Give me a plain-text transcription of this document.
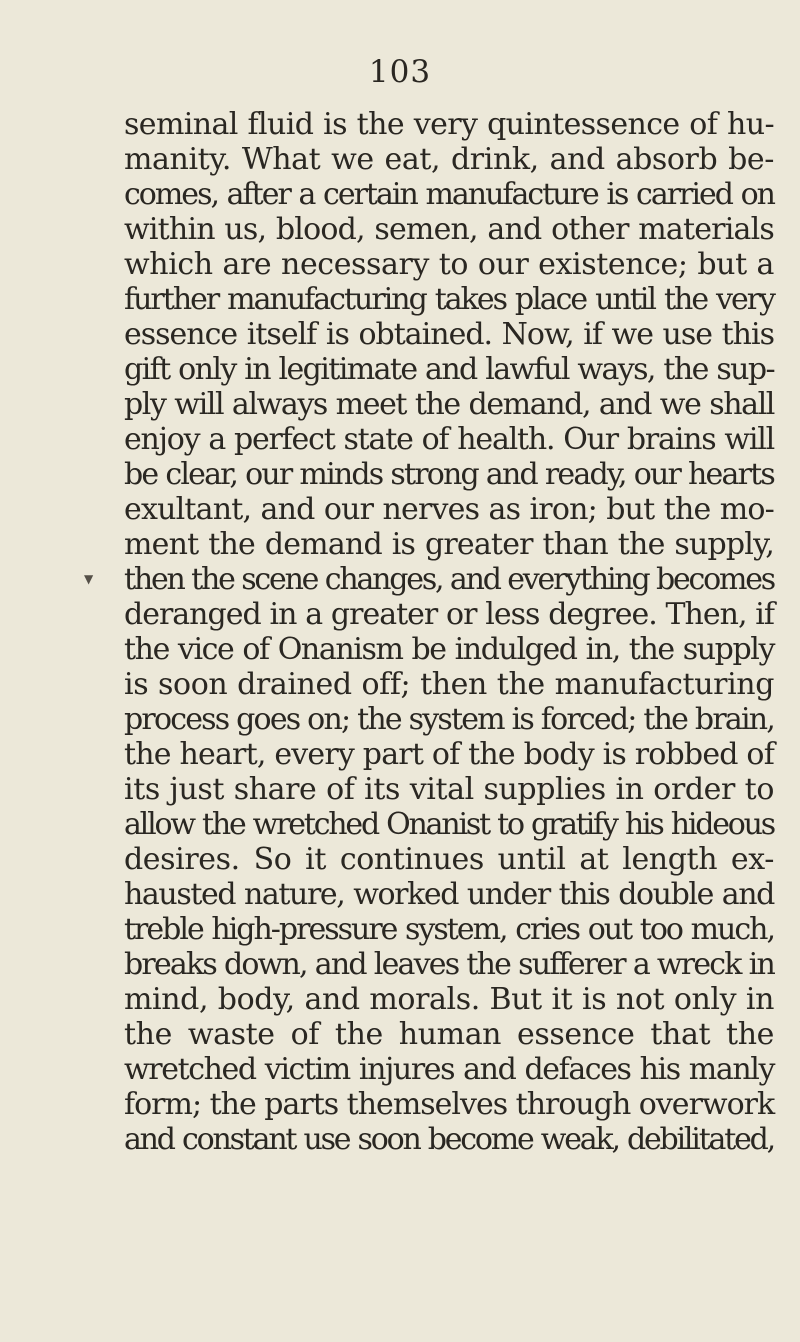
103
▼
seminal fluid is the very quintessence of hu-
manity. What we eat, drink, and absorb be-
comes, after a certain manufacture is carried on
within us, blood, semen, and other materials
which are necessary to our existence; but a
further manufacturing takes place until the very
essence itself is obtained. Now, if we use this
gift only in legitimate and lawful ways, the sup-
ply will always meet the demand, and we shall
enjoy a perfect state of health. Our brains will
be clear, our minds strong and ready, our hearts
exultant, and our nerves as iron; but the mo-
ment the demand is greater than the supply,
then the scene changes, and everything becomes
deranged in a greater or less degree. Then, if
the vice of Onanism be indulged in, the supply
is soon drained off; then the manufacturing
process goes on; the system is forced; the brain,
the heart, every part of the body is robbed of
its just share of its vital supplies in order to
allow the wretched Onanist to gratify his hideous
desires. So it continues until at length ex-
hausted nature, worked under this double and
treble high-pressure system, cries out too much,
breaks down, and leaves the sufferer a wreck in
mind, body, and morals. But it is not only in
the waste of the human essence that the
wretched victim injures and defaces his manly
form; the parts themselves through overwork
and constant use soon become weak, debilitated,
